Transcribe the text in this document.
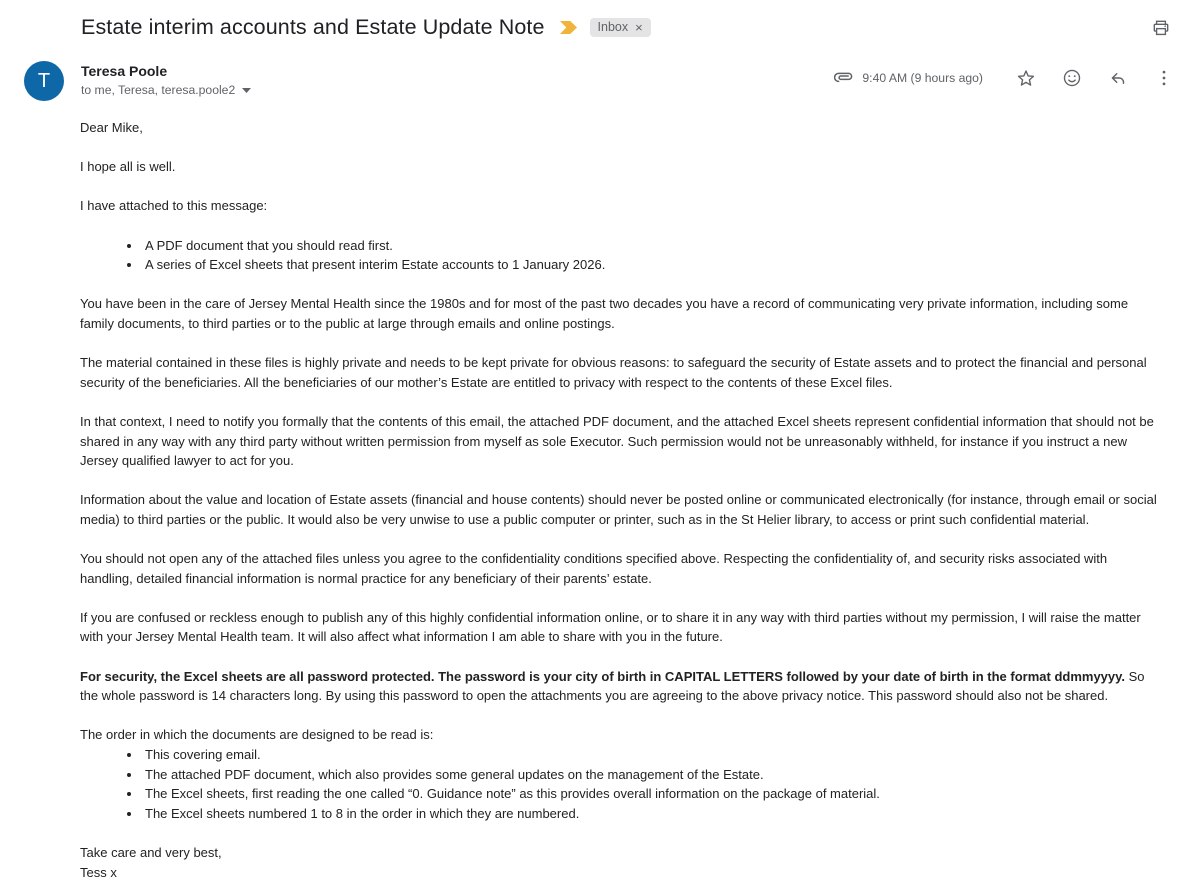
Estate interim accounts and Estate Update Note	Inbox ×
T	Teresa Poole
to me, Teresa, teresa.poole2
9:40 AM (9 hours ago)

Dear Mike,

I hope all is well.

I have attached to this message:

• A PDF document that you should read first.
• A series of Excel sheets that present interim Estate accounts to 1 January 2026.

You have been in the care of Jersey Mental Health since the 1980s and for most of the past two decades you have a record of communicating very private information, including some family documents, to third parties or to the public at large through emails and online postings.

The material contained in these files is highly private and needs to be kept private for obvious reasons: to safeguard the security of Estate assets and to protect the financial and personal security of the beneficiaries. All the beneficiaries of our mother’s Estate are entitled to privacy with respect to the contents of these Excel files.

In that context, I need to notify you formally that the contents of this email, the attached PDF document, and the attached Excel sheets represent confidential information that should not be shared in any way with any third party without written permission from myself as sole Executor. Such permission would not be unreasonably withheld, for instance if you instruct a new Jersey qualified lawyer to act for you.

Information about the value and location of Estate assets (financial and house contents) should never be posted online or communicated electronically (for instance, through email or social media) to third parties or the public. It would also be very unwise to use a public computer or printer, such as in the St Helier library, to access or print such confidential material.

You should not open any of the attached files unless you agree to the confidentiality conditions specified above. Respecting the confidentiality of, and security risks associated with handling, detailed financial information is normal practice for any beneficiary of their parents’ estate.

If you are confused or reckless enough to publish any of this highly confidential information online, or to share it in any way with third parties without my permission, I will raise the matter with your Jersey Mental Health team. It will also affect what information I am able to share with you in the future.

For security, the Excel sheets are all password protected. The password is your city of birth in CAPITAL LETTERS followed by your date of birth in the format ddmmyyyy. So the whole password is 14 characters long. By using this password to open the attachments you are agreeing to the above privacy notice. This password should also not be shared.

The order in which the documents are designed to be read is:

• This covering email.
• The attached PDF document, which also provides some general updates on the management of the Estate.
• The Excel sheets, first reading the one called “0. Guidance note” as this provides overall information on the package of material.
• The Excel sheets numbered 1 to 8 in the order in which they are numbered.

Take care and very best,
Tess x
